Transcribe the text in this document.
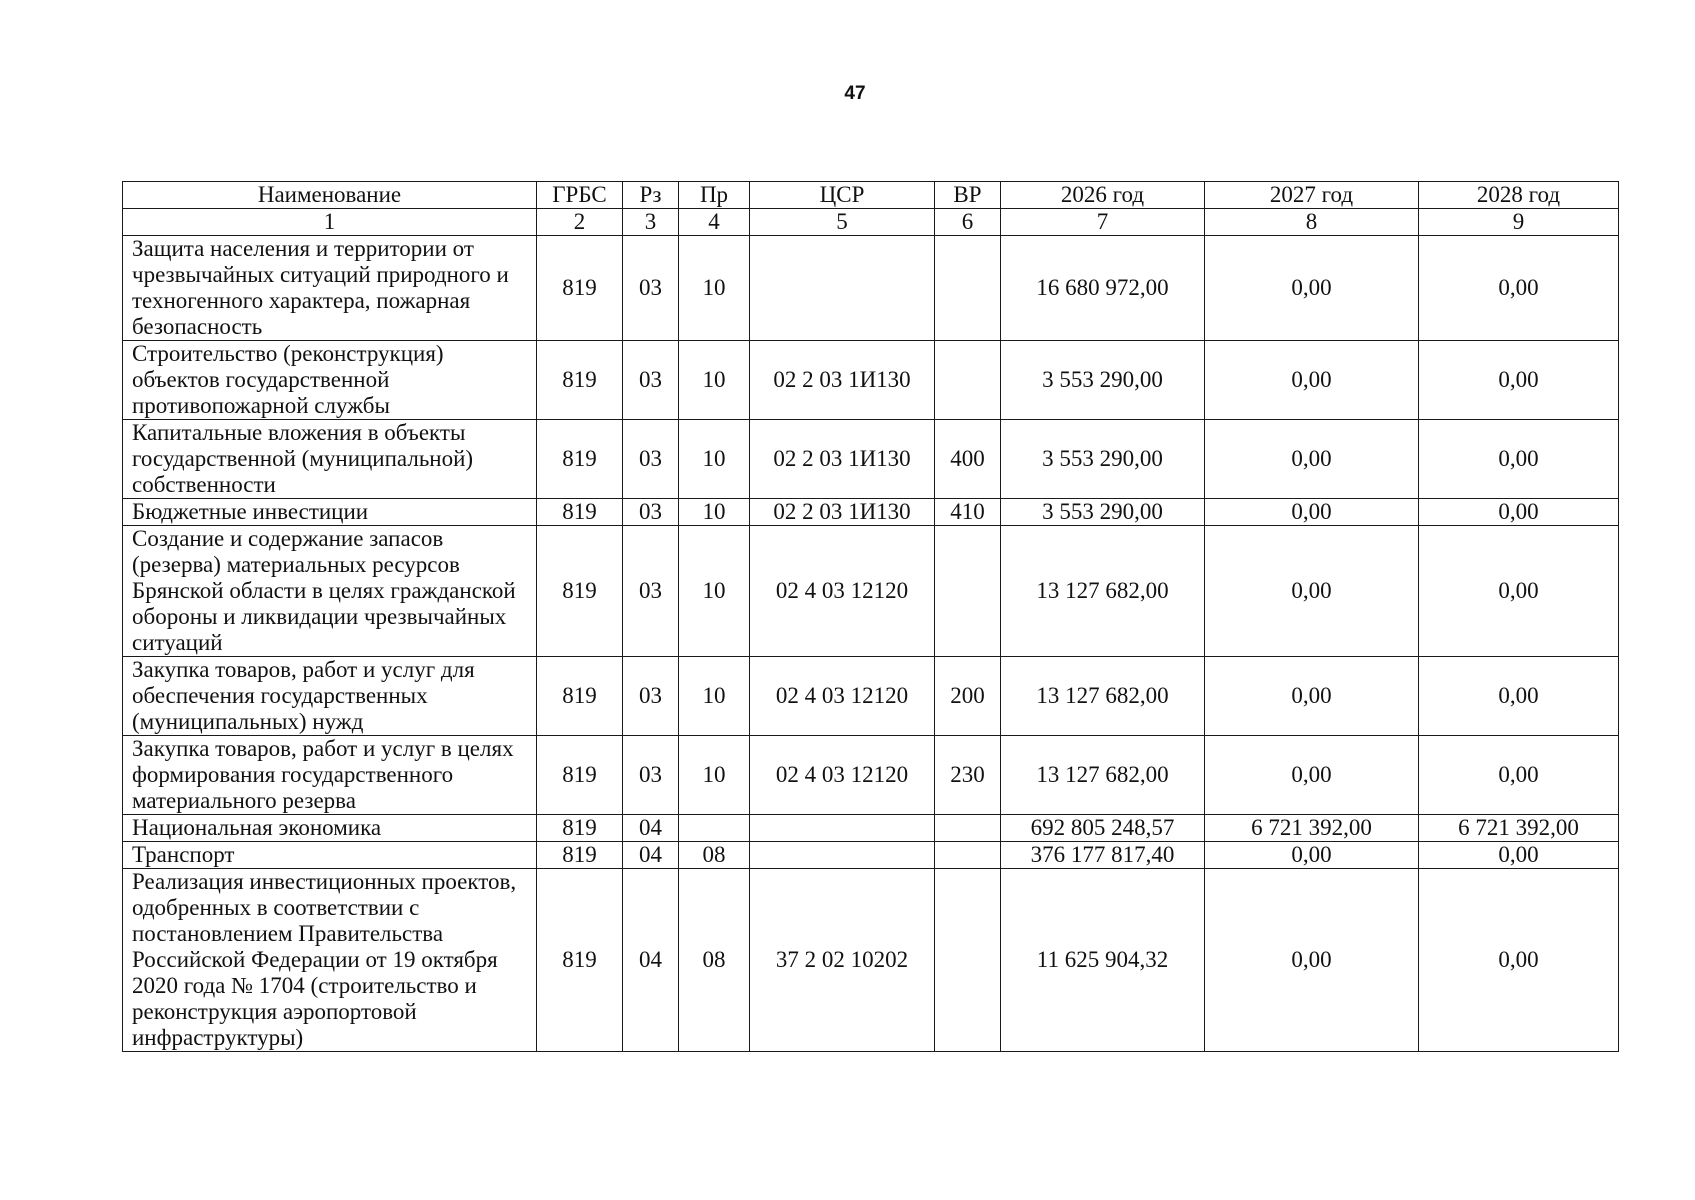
47
Наименование	ГРБС	Рз	Пр	ЦСР	ВР	2026 год	2027 год	2028 год
1	2	3	4	5	6	7	8	9
Защита населения и территории от чрезвычайных ситуаций природного и техногенного характера, пожарная безопасность	819	03	10			16 680 972,00	0,00	0,00
Строительство (реконструкция) объектов государственной противопожарной службы	819	03	10	02 2 03 1И130		3 553 290,00	0,00	0,00
Капитальные вложения в объекты государственной (муниципальной) собственности	819	03	10	02 2 03 1И130	400	3 553 290,00	0,00	0,00
Бюджетные инвестиции	819	03	10	02 2 03 1И130	410	3 553 290,00	0,00	0,00
Создание и содержание запасов (резерва) материальных ресурсов Брянской области в целях гражданской обороны и ликвидации чрезвычайных ситуаций	819	03	10	02 4 03 12120		13 127 682,00	0,00	0,00
Закупка товаров, работ и услуг для обеспечения государственных (муниципальных) нужд	819	03	10	02 4 03 12120	200	13 127 682,00	0,00	0,00
Закупка товаров, работ и услуг в целях формирования государственного материального резерва	819	03	10	02 4 03 12120	230	13 127 682,00	0,00	0,00
Национальная экономика	819	04				692 805 248,57	6 721 392,00	6 721 392,00
Транспорт	819	04	08			376 177 817,40	0,00	0,00
Реализация инвестиционных проектов, одобренных в соответствии с постановлением Правительства Российской Федерации от 19 октября 2020 года № 1704 (строительство и реконструкция аэропортовой инфраструктуры)	819	04	08	37 2 02 10202		11 625 904,32	0,00	0,00
